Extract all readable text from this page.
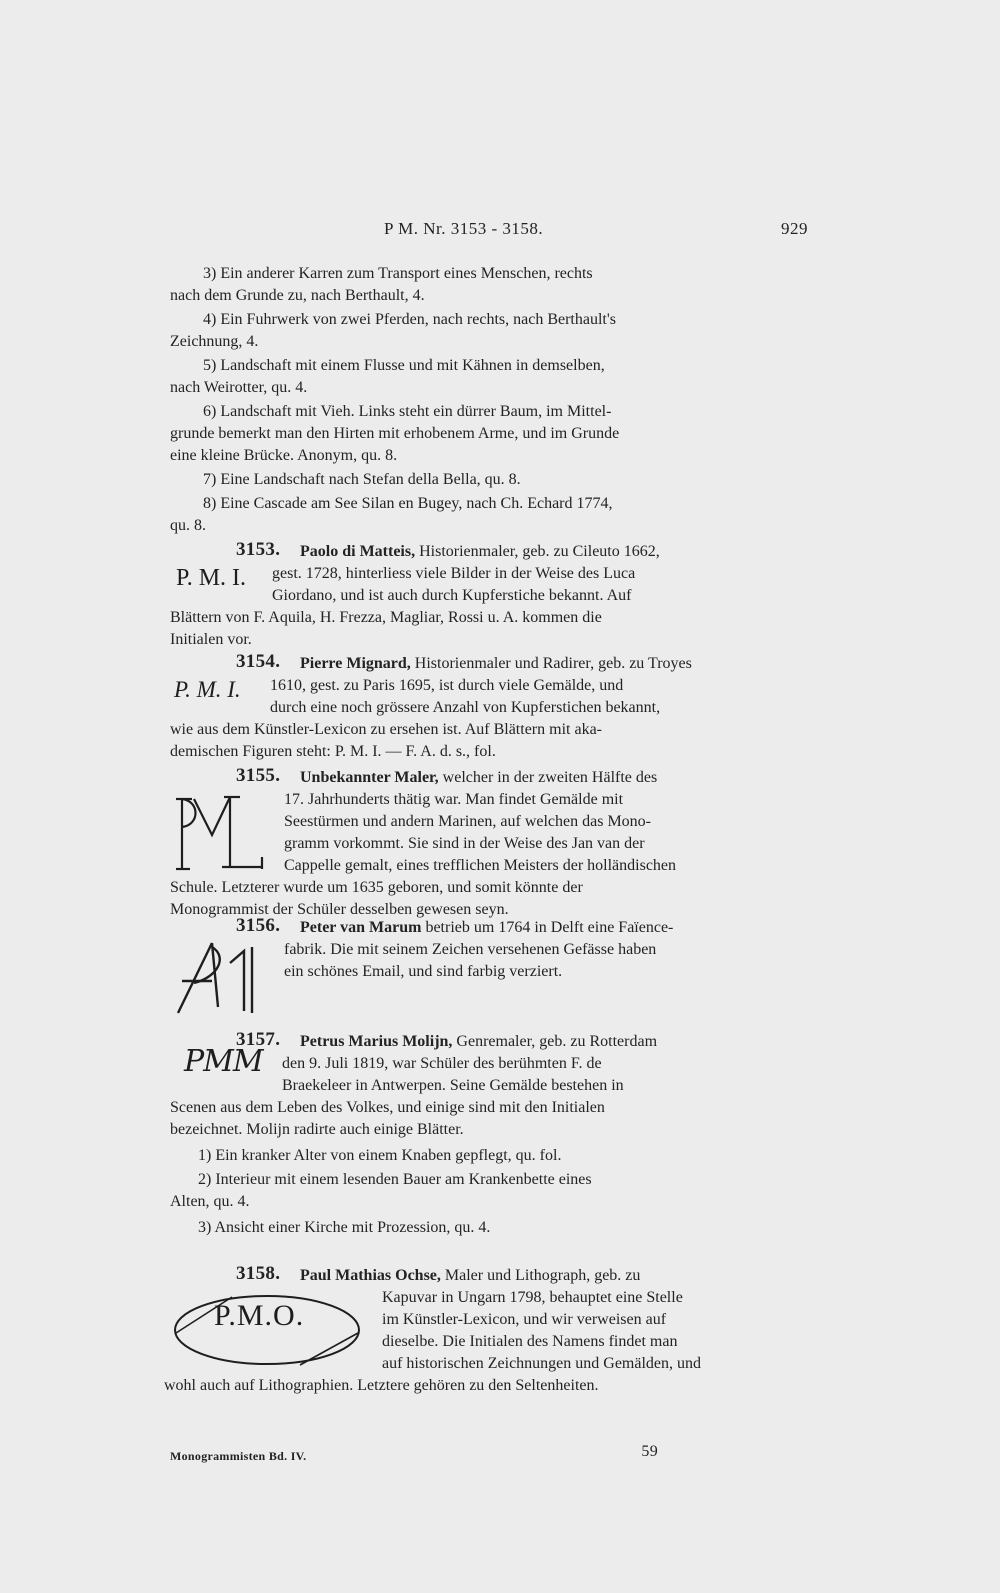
P M. Nr. 3153 - 3158.	929
3) Ein anderer Karren zum Transport eines Menschen, rechts
nach dem Grunde zu, nach Berthault, 4.
4) Ein Fuhrwerk von zwei Pferden, nach rechts, nach Berthault's
Zeichnung, 4.
5) Landschaft mit einem Flusse und mit Kähnen in demselben,
nach Weirotter, qu. 4.
6) Landschaft mit Vieh. Links steht ein dürrer Baum, im Mittel-
grunde bemerkt man den Hirten mit erhobenem Arme, und im Grunde
eine kleine Brücke. Anonym, qu. 8.
7) Eine Landschaft nach Stefan della Bella, qu. 8.
8) Eine Cascade am See Silan en Bugey, nach Ch. Echard 1774,
qu. 8.
3153. Paolo di Matteis, Historienmaler, geb. zu Cileuto 1662,
P. M. I. gest. 1728, hinterliess viele Bilder in der Weise des Luca
Giordano, und ist auch durch Kupferstiche bekannt. Auf
Blättern von F. Aquila, H. Frezza, Magliar, Rossi u. A. kommen die
Initialen vor.
3154. Pierre Mignard, Historienmaler und Radirer, geb. zu Troyes
P. M. I. 1610, gest. zu Paris 1695, ist durch viele Gemälde, und
durch eine noch grössere Anzahl von Kupferstichen bekannt,
wie aus dem Künstler-Lexicon zu ersehen ist. Auf Blättern mit aka-
demischen Figuren steht: P. M. I. — F. A. d. s., fol.
3155. Unbekannter Maler, welcher in der zweiten Hälfte des
17. Jahrhunderts thätig war. Man findet Gemälde mit
Seestürmen und andern Marinen, auf welchen das Mono-
gramm vorkommt. Sie sind in der Weise des Jan van der
Cappelle gemalt, eines trefflichen Meisters der holländischen
Schule. Letzterer wurde um 1635 geboren, und somit könnte der
Monogrammist der Schüler desselben gewesen seyn.
3156. Peter van Marum betrieb um 1764 in Delft eine Faïence-
fabrik. Die mit seinem Zeichen versehenen Gefässe haben
ein schönes Email, und sind farbig verziert.
3157. Petrus Marius Molijn, Genremaler, geb. zu Rotterdam
PMM den 9. Juli 1819, war Schüler des berühmten F. de
Braekeleer in Antwerpen. Seine Gemälde bestehen in
Scenen aus dem Leben des Volkes, und einige sind mit den Initialen
bezeichnet. Molijn radirte auch einige Blätter.
1) Ein kranker Alter von einem Knaben gepflegt, qu. fol.
2) Interieur mit einem lesenden Bauer am Krankenbette eines
Alten, qu. 4.
3) Ansicht einer Kirche mit Prozession, qu. 4.
3158. Paul Mathias Ochse, Maler und Lithograph, geb. zu
P.M.O.
Kapuvar in Ungarn 1798, behauptet eine Stelle
im Künstler-Lexicon, und wir verweisen auf
dieselbe. Die Initialen des Namens findet man
auf historischen Zeichnungen und Gemälden, und
wohl auch auf Lithographien. Letztere gehören zu den Seltenheiten.
Monogrammisten Bd. IV.	59
